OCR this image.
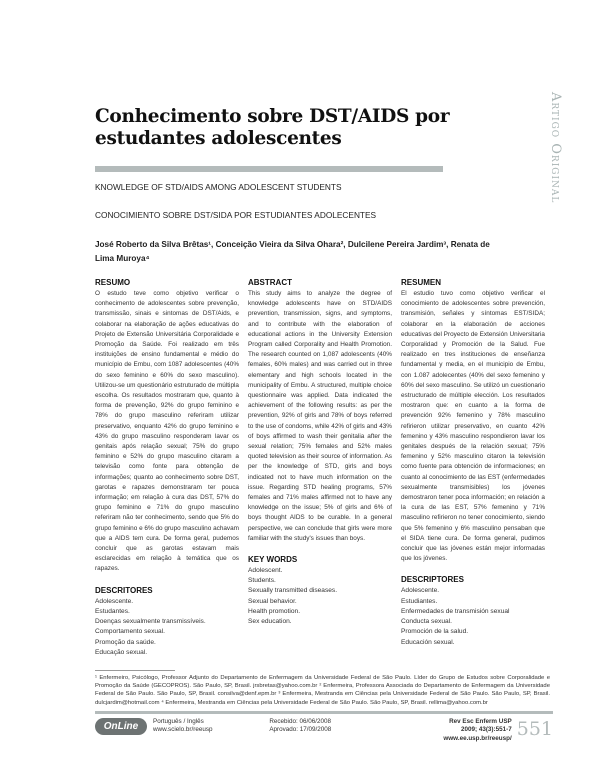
Artigo Original
Conhecimento sobre DST/AIDS por estudantes adolescentes
KNOWLEDGE OF STD/AIDS AMONG ADOLESCENT STUDENTS
CONOCIMIENTO SOBRE DST/SIDA POR ESTUDIANTES ADOLECENTES
José Roberto da Silva Brêtas¹, Conceição Vieira da Silva Ohara², Dulcilene Pereira Jardim³, Renata de Lima Muroya⁴
RESUMO

O estudo teve como objetivo verificar o conhecimento de adolescentes sobre prevenção, transmissão, sinais e sintomas de DST/Aids, e colaborar na elaboração de ações educativas do Projeto de Extensão Universitária Corporalidade e Promoção da Saúde. Foi realizado em três instituições de ensino fundamental e médio do município de Embu, com 1087 adolescentes (40% do sexo feminino e 60% do sexo masculino). Utilizou-se um questionário estruturado de múltipla escolha. Os resultados mostraram que, quanto à forma de prevenção, 92% do grupo feminino e 78% do grupo masculino referiram utilizar preservativo, enquanto 42% do grupo feminino e 43% do grupo masculino responderam lavar os genitais após relação sexual; 75% do grupo feminino e 52% do grupo masculino citaram a televisão como fonte para obtenção de informações; quanto ao conhecimento sobre DST, garotas e rapazes demonstraram ter pouca informação; em relação à cura das DST, 57% do grupo feminino e 71% do grupo masculino referiram não ter conhecimento, sendo que 5% do grupo feminino e 6% do grupo masculino achavam que a AIDS tem cura. De forma geral, pudemos concluir que as garotas estavam mais esclarecidas em relação à temática que os rapazes.

DESCRITORES
Adolescente.
Estudantes.
Doenças sexualmente transmissíveis.
Comportamento sexual.
Promoção da saúde.
Educação sexual.
ABSTRACT

This study aims to analyze the degree of knowledge adolescents have on STD/AIDS prevention, transmission, signs, and symptoms, and to contribute with the elaboration of educational actions in the University Extension Program called Corporality and Health Promotion. The research counted on 1,087 adolescents (40% females, 60% males) and was carried out in three elementary and high schools located in the municipality of Embu. A structured, multiple choice questionnaire was applied. Data indicated the achievement of the following results: as per the prevention, 92% of girls and 78% of boys referred to the use of condoms, while 42% of girls and 43% of boys affirmed to wash their genitalia after the sexual relation; 75% females and 52% males quoted television as their source of information. As per the knowledge of STD, girls and boys indicated not to have much information on the issue. Regarding STD healing programs, 57% females and 71% males affirmed not to have any knowledge on the issue; 5% of girls and 6% of boys thought AIDS to be curable. In a general perspective, we can conclude that girls were more familiar with the study's issues than boys.

KEY WORDS
Adolescent.
Students.
Sexually transmitted diseases.
Sexual behavior.
Health promotion.
Sex education.
RESUMEN

El estudio tuvo como objetivo verificar el conocimiento de adolescentes sobre prevención, transmisión, señales y síntomas EST/SIDA; colaborar en la elaboración de acciones educativas del Proyecto de Extensión Universitaria Corporalidad y Promoción de la Salud. Fue realizado en tres instituciones de enseñanza fundamental y media, en el municipio de Embu, con 1.087 adolecentes (40% del sexo femenino y 60% del sexo masculino. Se utilizó un cuestionario estructurado de múltiple elección. Los resultados mostraron que: en cuanto a la forma de prevención 92% femenino y 78% masculino refirieron utilizar preservativo, en cuanto 42% femenino y 43% masculino respondieron lavar los genitales después de la relación sexual; 75% femenino y 52% masculino citaron la televisión como fuente para obtención de informaciones; en cuanto al conocimiento de las EST (enfermedades sexualmente transmisibles) los jóvenes demostraron tener poca información; en relación a la cura de las EST, 57% femenino y 71% masculino refirieron no tener conocimiento, siendo que 5% femenino y 6% masculino pensaban que el SIDA tiene cura. De forma general, pudimos concluir que las jóvenes están mejor informadas que los jóvenes.

DESCRIPTORES
Adolescente.
Estudiantes.
Enfermedades de transmisión sexual
Conducta sexual.
Promoción de la salud.
Educación sexual.
¹ Enfermeiro, Psicólogo, Professor Adjunto do Departamento de Enfermagem da Universidade Federal de São Paulo. Líder do Grupo de Estudos sobre Corporalidade e Promoção da Saúde (GECOPROS). São Paulo, SP, Brasil. jrsbretas@yahoo.com.br ² Enfermeira, Professora Associada do Departamento de Enfermagem da Universidade Federal de São Paulo. São Paulo, SP, Brasil. consilva@denf.epm.br ³ Enfermeira, Mestranda em Ciências pela Universidade Federal de São Paulo. São Paulo, SP, Brasil. dulcjardim@hotmail.com ⁴ Enfermeira, Mestranda em Ciências pela Universidade Federal de São Paulo. São Paulo, SP, Brasil. rellima@yahoo.com.br
OnLine	Português / Inglês
www.scielo.br/reeusp
Recebido: 06/06/2008
Aprovado: 17/09/2008
Rev Esc Enferm USP
2009; 43(3):551-7
www.ee.usp.br/reeusp/ 551
